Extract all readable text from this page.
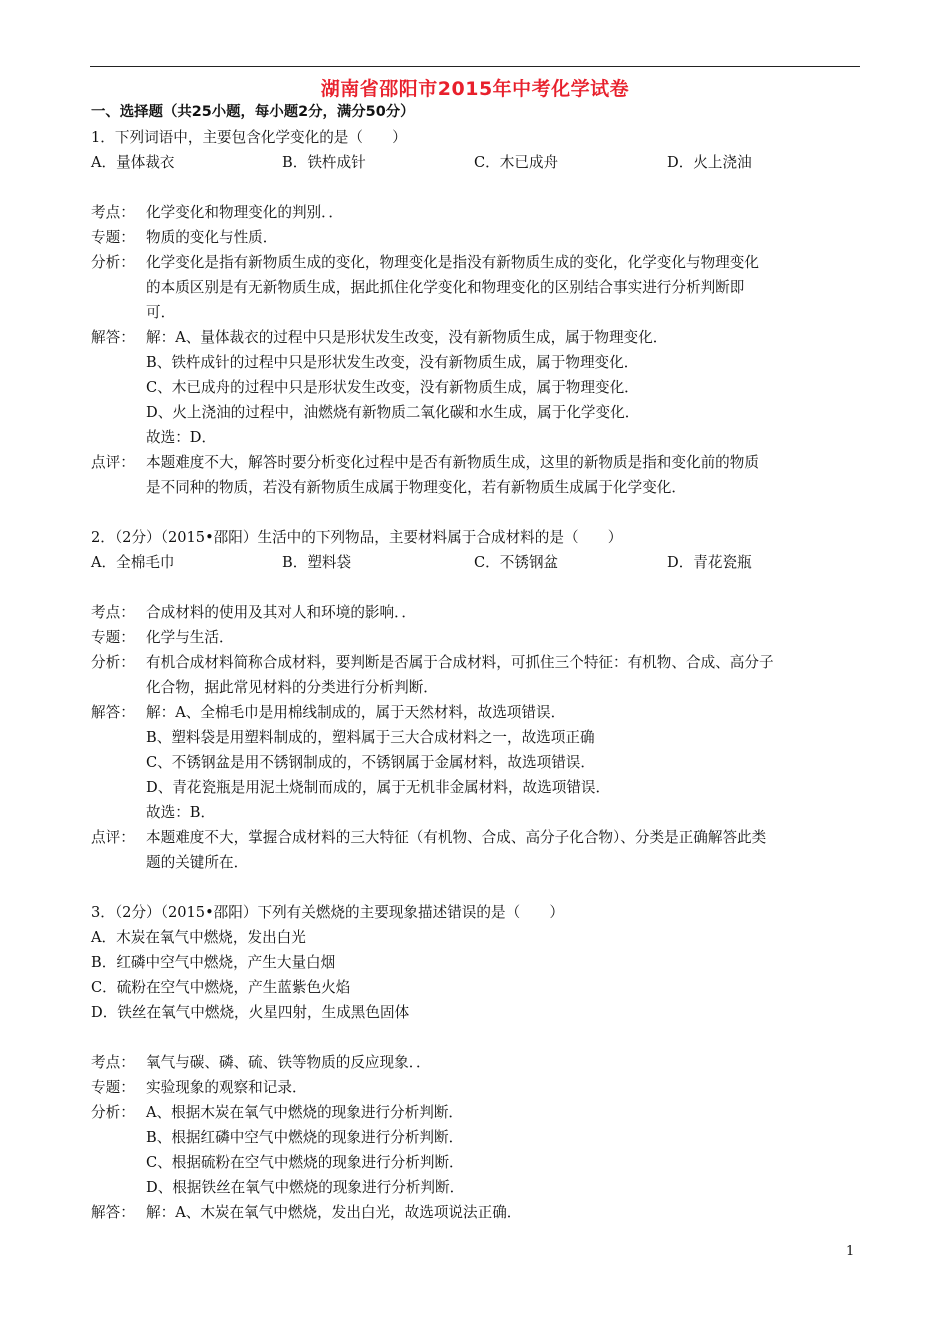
湖南省邵阳市2015年中考化学试卷
一、选择题（共25小题，每小题2分，满分50分）
1．下列词语中，主要包含化学变化的是（　　）
A．量体裁衣	B．铁杵成针	C．木已成舟	D．火上浇油
考点： 化学变化和物理变化的判别．．
专题： 物质的变化与性质．
分析： 化学变化是指有新物质生成的变化，物理变化是指没有新物质生成的变化，化学变化与物理变化
的本质区别是有无新物质生成，据此抓住化学变化和物理变化的区别结合事实进行分析判断即
可．
解答： 解：A、量体裁衣的过程中只是形状发生改变，没有新物质生成，属于物理变化．
B、铁杵成针的过程中只是形状发生改变，没有新物质生成，属于物理变化．
C、木已成舟的过程中只是形状发生改变，没有新物质生成，属于物理变化．
D、火上浇油的过程中，油燃烧有新物质二氧化碳和水生成，属于化学变化．
故选：D．
点评： 本题难度不大，解答时要分析变化过程中是否有新物质生成，这里的新物质是指和变化前的物质
是不同种的物质，若没有新物质生成属于物理变化，若有新物质生成属于化学变化．
2．（2分）（2015•邵阳）生活中的下列物品，主要材料属于合成材料的是（　　）
A．全棉毛巾	B．塑料袋	C．不锈钢盆	D．青花瓷瓶
考点： 合成材料的使用及其对人和环境的影响．．
专题： 化学与生活．
分析： 有机合成材料简称合成材料，要判断是否属于合成材料，可抓住三个特征：有机物、合成、高分子
化合物，据此常见材料的分类进行分析判断．
解答： 解：A、全棉毛巾是用棉线制成的，属于天然材料，故选项错误．
B、塑料袋是用塑料制成的，塑料属于三大合成材料之一，故选项正确
C、不锈钢盆是用不锈钢制成的，不锈钢属于金属材料，故选项错误．
D、青花瓷瓶是用泥土烧制而成的，属于无机非金属材料，故选项错误．
故选：B．
点评： 本题难度不大，掌握合成材料的三大特征（有机物、合成、高分子化合物）、分类是正确解答此类
题的关键所在．
3．（2分）（2015•邵阳）下列有关燃烧的主要现象描述错误的是（　　）
A．木炭在氧气中燃烧，发出白光
B．红磷中空气中燃烧，产生大量白烟
C．硫粉在空气中燃烧，产生蓝紫色火焰
D．铁丝在氧气中燃烧，火星四射，生成黑色固体
考点： 氧气与碳、磷、硫、铁等物质的反应现象．．
专题： 实验现象的观察和记录．
分析： A、根据木炭在氧气中燃烧的现象进行分析判断．
B、根据红磷中空气中燃烧的现象进行分析判断．
C、根据硫粉在空气中燃烧的现象进行分析判断．
D、根据铁丝在氧气中燃烧的现象进行分析判断．
解答： 解：A、木炭在氧气中燃烧，发出白光，故选项说法正确．
1
